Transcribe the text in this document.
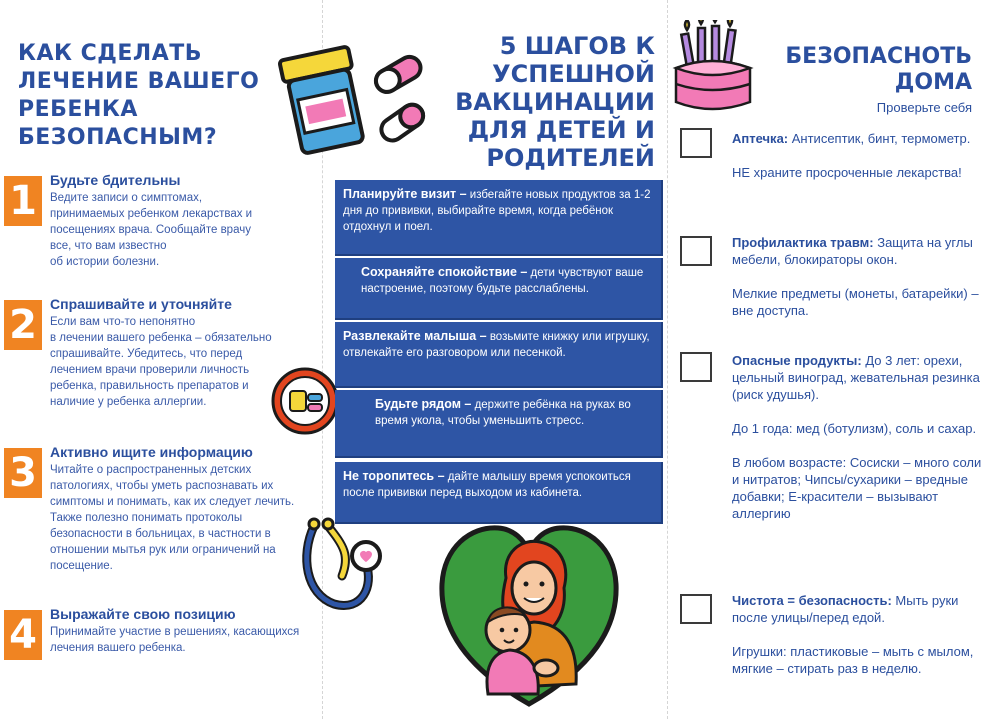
КАК СДЕЛАТЬ ЛЕЧЕНИЕ ВАШЕГО РЕБЕНКА БЕЗОПАСНЫМ?
1 Будьте бдительны
Ведите записи о симптомах,
принимаемых ребенком лекарствах и
посещениях врача. Сообщайте врачу
все, что вам известно
об истории болезни.
2 Спрашивайте и уточняйте
Если вам что-то непонятно
в лечении вашего ребенка – обязательно
спрашивайте. Убедитесь, что перед
лечением врачи проверили личность
ребенка, правильность препаратов и
наличие у ребенка аллергии.
3 Активно ищите информацию
Читайте о распространенных детских
патологиях, чтобы уметь распознавать их
симптомы и понимать, как их следует лечить.
Также полезно понимать протоколы
безопасности в больницах, в частности в
отношении мытья рук или ограничений на
посещение.
4 Выражайте свою позицию
Принимайте участие в решениях, касающихся
лечения вашего ребенка.
5 ШАГОВ К УСПЕШНОЙ ВАКЦИНАЦИИ ДЛЯ ДЕТЕЙ И РОДИТЕЛЕЙ
Планируйте визит – избегайте новых продуктов за 1-2 дня до прививки, выбирайте время, когда ребёнок отдохнул и поел.
Сохраняйте спокойствие – дети чувствуют ваше настроение, поэтому будьте расслаблены.
Развлекайте малыша – возьмите книжку или игрушку, отвлекайте его разговором или песенкой.
Будьте рядом – держите ребёнка на руках во время укола, чтобы уменьшить стресс.
Не торопитесь – дайте малышу время успокоиться после прививки перед выходом из кабинета.
БЕЗОПАСНОТЬ ДОМА
Проверьте себя

Аптечка: Антисептик, бинт, термометр.

НЕ храните просроченные лекарства!

Профилактика травм: Защита на углы мебели, блокираторы окон.

Мелкие предметы (монеты, батарейки) – вне доступа.

Опасные продукты: До 3 лет: орехи, цельный виноград, жевательная резинка (риск удушья).

До 1 года: мед (ботулизм), соль и сахар.

В любом возрасте: Сосиски – много соли и нитратов; Чипсы/сухарики – вредные добавки; Е-красители – вызывают аллергию

Чистота = безопасность: Мыть руки после улицы/перед едой.

Игрушки: пластиковые – мыть с мылом, мягкие – стирать раз в неделю.
